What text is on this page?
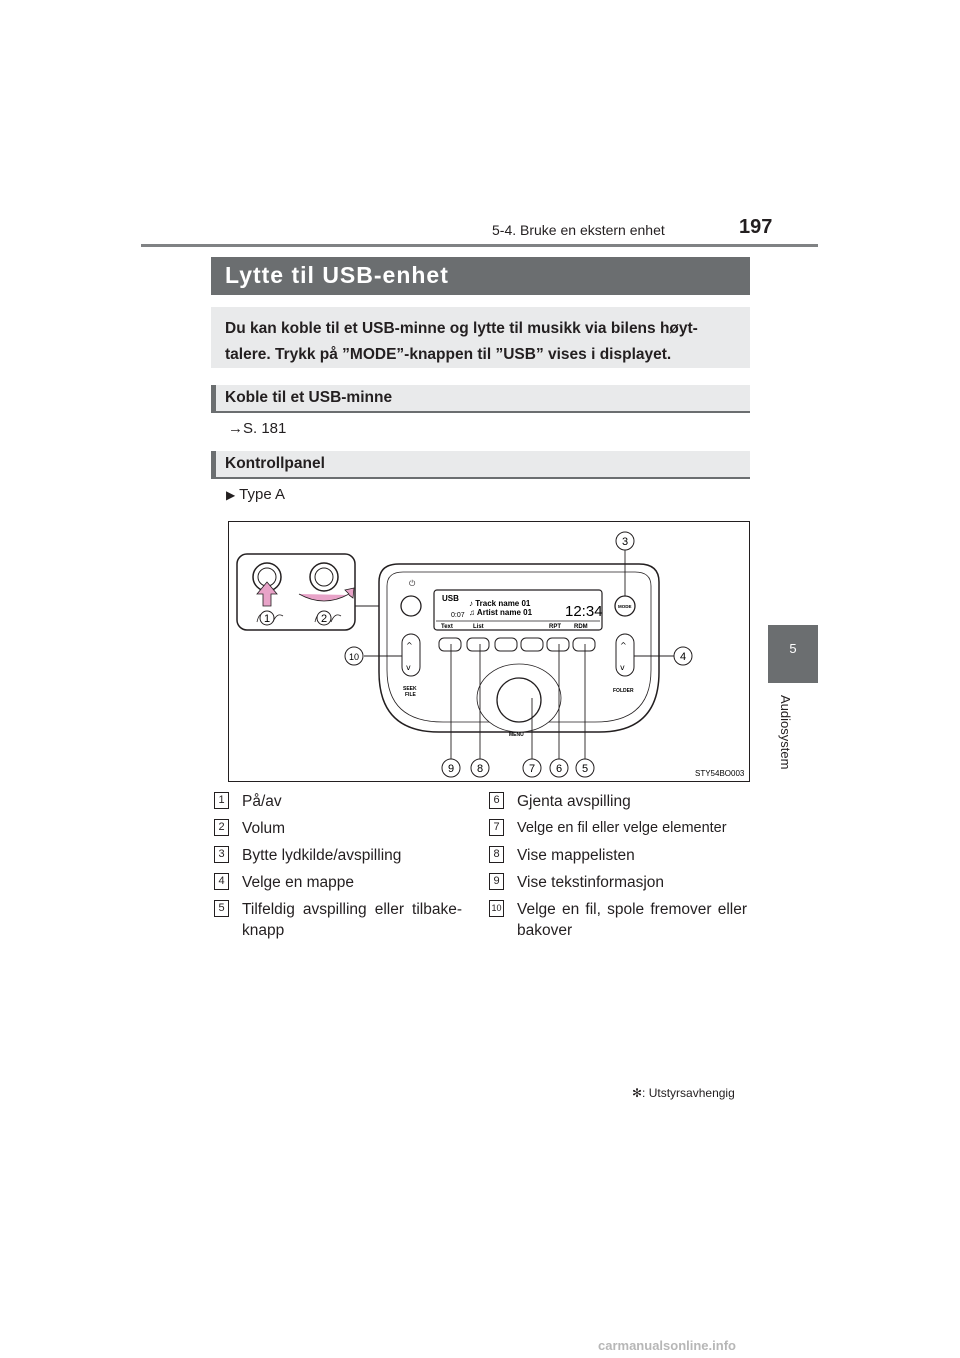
5-4. Bruke en ekstern enhet	197
5
Audiosystem
Lytte til USB-enhet
Du kan koble til et USB-minne og lytte til musikk via bilens høyt-talere. Trykk på ”MODE”-knappen til ”USB” vises i displayet.
Koble til et USB-minne
→S. 181
Kontrollpanel
▶ Type A
⏻
USB
♪ Track name 01
♫ Artist name 01
0:07	12:34
Text	List	RPT RDM
^
v
SEEK
FILE
^
v
FOLDER
MODE
MENU
1	2
3
4
5
6
7
8
9
10
STY54BO003
1 På/av
2 Volum
3 Bytte lydkilde/avspilling
4 Velge en mappe
5 Tilfeldig avspilling eller tilbake-knapp
6 Gjenta avspilling
7	Velge en fil eller velge elementer
8 Vise mappelisten
9 Vise tekstinformasjon
10 Velge en fil, spole fremover eller bakover
✻: Utstyrsavhengig
carmanualsonline.info
